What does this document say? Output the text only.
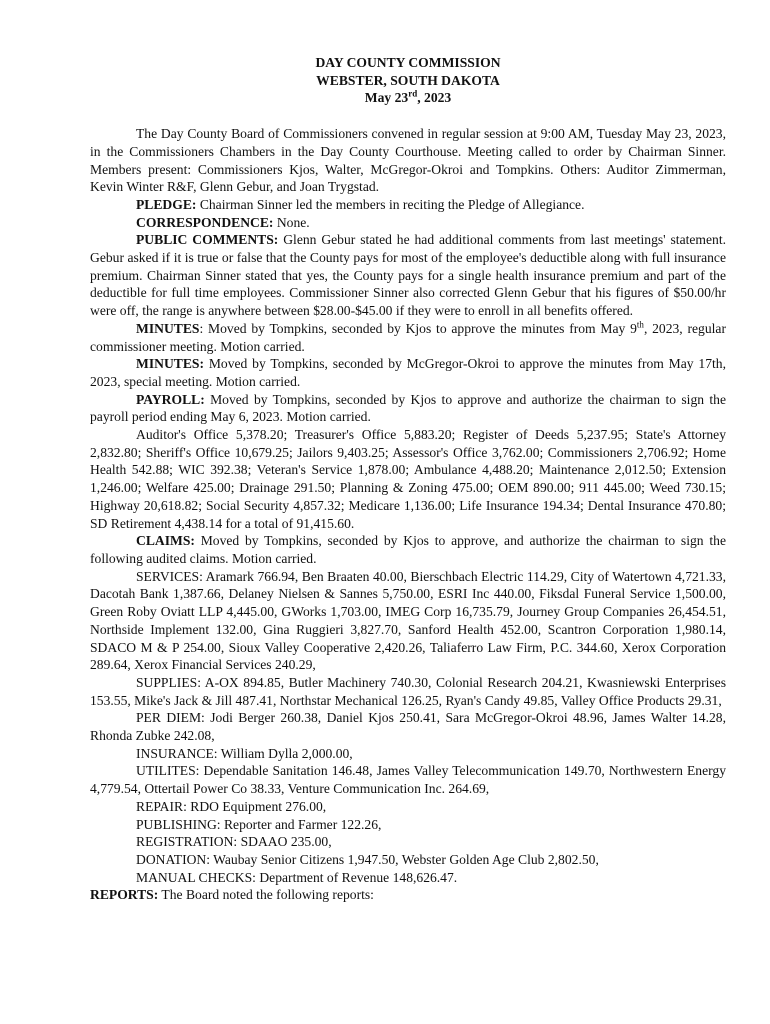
DAY COUNTY COMMISSION

WEBSTER, SOUTH DAKOTA

May 23rd, 2023

The Day County Board of Commissioners convened in regular session at 9:00 AM, Tuesday May 23, 2023, in the Commissioners Chambers in the Day County Courthouse. Meeting called to order by Chairman Sinner. Members present: Commissioners Kjos, Walter, McGregor-Okroi and Tompkins. Others: Auditor Zimmerman, Kevin Winter R&F, Glenn Gebur, and Joan Trygstad.

PLEDGE: Chairman Sinner led the members in reciting the Pledge of Allegiance.

CORRESPONDENCE: None.

PUBLIC COMMENTS: Glenn Gebur stated he had additional comments from last meetings' statement. Gebur asked if it is true or false that the County pays for most of the employee's deductible along with full insurance premium. Chairman Sinner stated that yes, the County pays for a single health insurance premium and part of the deductible for full time employees. Commissioner Sinner also corrected Glenn Gebur that his figures of $50.00/hr were off, the range is anywhere between $28.00-$45.00 if they were to enroll in all benefits offered.

MINUTES: Moved by Tompkins, seconded by Kjos to approve the minutes from May 9th, 2023, regular commissioner meeting. Motion carried.

MINUTES: Moved by Tompkins, seconded by McGregor-Okroi to approve the minutes from May 17th, 2023, special meeting. Motion carried.

PAYROLL: Moved by Tompkins, seconded by Kjos to approve and authorize the chairman to sign the payroll period ending May 6, 2023. Motion carried.

Auditor's Office 5,378.20; Treasurer's Office 5,883.20; Register of Deeds 5,237.95; State's Attorney 2,832.80; Sheriff's Office 10,679.25; Jailors 9,403.25; Assessor's Office 3,762.00; Commissioners 2,706.92; Home Health 542.88; WIC 392.38; Veteran's Service 1,878.00; Ambulance 4,488.20; Maintenance 2,012.50; Extension 1,246.00; Welfare 425.00; Drainage 291.50; Planning & Zoning 475.00; OEM 890.00; 911 445.00; Weed 730.15; Highway 20,618.82; Social Security 4,857.32; Medicare 1,136.00; Life Insurance 194.34; Dental Insurance 470.80; SD Retirement 4,438.14 for a total of 91,415.60.

CLAIMS: Moved by Tompkins, seconded by Kjos to approve, and authorize the chairman to sign the following audited claims. Motion carried.

SERVICES: Aramark 766.94, Ben Braaten 40.00, Bierschbach Electric 114.29, City of Watertown 4,721.33, Dacotah Bank 1,387.66, Delaney Nielsen & Sannes 5,750.00, ESRI Inc 440.00, Fiksdal Funeral Service 1,500.00, Green Roby Oviatt LLP 4,445.00, GWorks 1,703.00, IMEG Corp 16,735.79, Journey Group Companies 26,454.51, Northside Implement 132.00, Gina Ruggieri 3,827.70, Sanford Health 452.00, Scantron Corporation 1,980.14, SDACO M & P 254.00, Sioux Valley Cooperative 2,420.26, Taliaferro Law Firm, P.C. 344.60, Xerox Corporation 289.64, Xerox Financial Services 240.29,

SUPPLIES: A-OX 894.85, Butler Machinery 740.30, Colonial Research 204.21, Kwasniewski Enterprises 153.55, Mike's Jack & Jill 487.41, Northstar Mechanical 126.25, Ryan's Candy 49.85, Valley Office Products 29.31,

PER DIEM: Jodi Berger 260.38, Daniel Kjos 250.41, Sara McGregor-Okroi 48.96, James Walter 14.28, Rhonda Zubke 242.08,

INSURANCE: William Dylla 2,000.00,

UTILITES: Dependable Sanitation 146.48, James Valley Telecommunication 149.70, Northwestern Energy 4,779.54, Ottertail Power Co 38.33, Venture Communication Inc. 264.69,

REPAIR: RDO Equipment 276.00,

PUBLISHING: Reporter and Farmer 122.26,

REGISTRATION: SDAAO 235.00,

DONATION: Waubay Senior Citizens 1,947.50, Webster Golden Age Club 2,802.50,

MANUAL CHECKS: Department of Revenue 148,626.47.

REPORTS: The Board noted the following reports:
